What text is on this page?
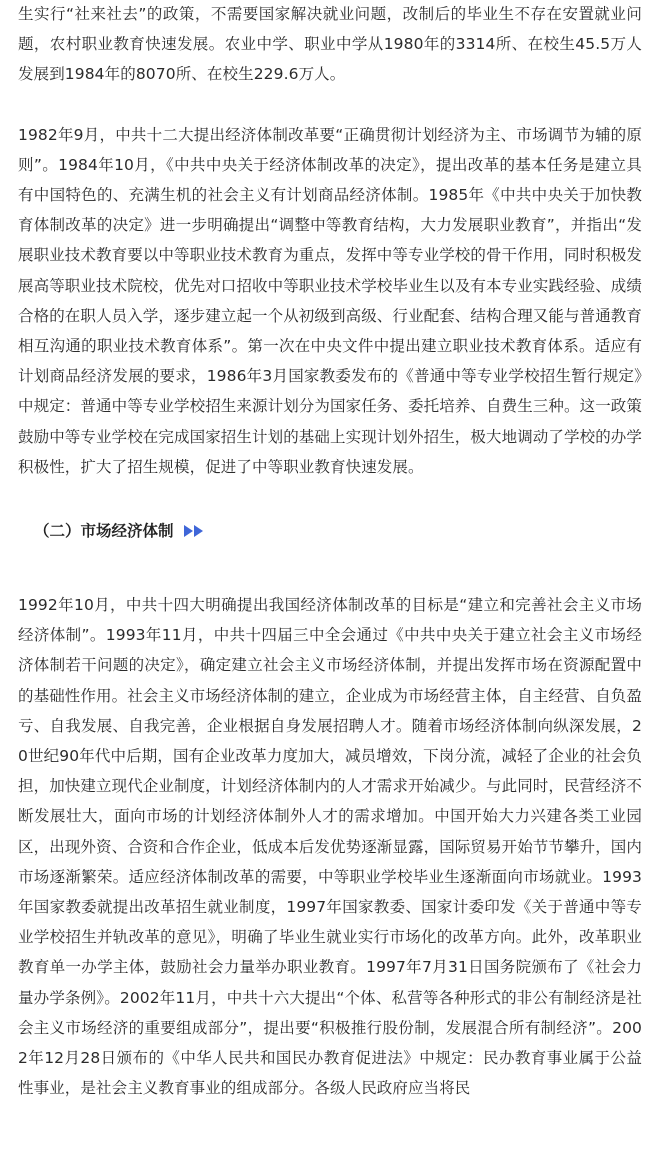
生实行“社来社去”的政策，不需要国家解决就业问题，改制后的毕业生不存在安置就业问题，农村职业教育快速发展。农业中学、职业中学从1980年的3314所、在校生45.5万人发展到1984年的8070所、在校生229.6万人。

1982年9月，中共十二大提出经济体制改革要“正确贯彻计划经济为主、市场调节为辅的原则”。1984年10月，《中共中央关于经济体制改革的决定》，提出改革的基本任务是建立具有中国特色的、充满生机的社会主义有计划商品经济体制。1985年《中共中央关于加快教育体制改革的决定》进一步明确提出“调整中等教育结构，大力发展职业教育”，并指出“发展职业技术教育要以中等职业技术教育为重点，发挥中等专业学校的骨干作用，同时积极发展高等职业技术院校，优先对口招收中等职业技术学校毕业生以及有本专业实践经验、成绩合格的在职人员入学，逐步建立起一个从初级到高级、行业配套、结构合理又能与普通教育相互沟通的职业技术教育体系”。第一次在中央文件中提出建立职业技术教育体系。适应有计划商品经济发展的要求，1986年3月国家教委发布的《普通中等专业学校招生暂行规定》中规定：普通中等专业学校招生来源计划分为国家任务、委托培养、自费生三种。这一政策鼓励中等专业学校在完成国家招生计划的基础上实现计划外招生，极大地调动了学校的办学积极性，扩大了招生规模，促进了中等职业教育快速发展。

（二）市场经济体制

1992年10月，中共十四大明确提出我国经济体制改革的目标是“建立和完善社会主义市场经济体制”。1993年11月，中共十四届三中全会通过《中共中央关于建立社会主义市场经济体制若干问题的决定》，确定建立社会主义市场经济体制，并提出发挥市场在资源配置中的基础性作用。社会主义市场经济体制的建立，企业成为市场经营主体，自主经营、自负盈亏、自我发展、自我完善，企业根据自身发展招聘人才。随着市场经济体制向纵深发展，20世纪90年代中后期，国有企业改革力度加大，减员增效，下岗分流，减轻了企业的社会负担，加快建立现代企业制度，计划经济体制内的人才需求开始减少。与此同时，民营经济不断发展壮大，面向市场的计划经济体制外人才的需求增加。中国开始大力兴建各类工业园区，出现外资、合资和合作企业，低成本后发优势逐渐显露，国际贸易开始节节攀升，国内市场逐渐繁荣。适应经济体制改革的需要，中等职业学校毕业生逐渐面向市场就业。1993年国家教委就提出改革招生就业制度，1997年国家教委、国家计委印发《关于普通中等专业学校招生并轨改革的意见》，明确了毕业生就业实行市场化的改革方向。此外，改革职业教育单一办学主体，鼓励社会力量举办职业教育。1997年7月31日国务院颁布了《社会力量办学条例》。2002年11月，中共十六大提出“个体、私营等各种形式的非公有制经济是社会主义市场经济的重要组成部分”，提出要“积极推行股份制，发展混合所有制经济”。2002年12月28日颁布的《中华人民共和国民办教育促进法》中规定：民办教育事业属于公益性事业，是社会主义教育事业的组成部分。各级人民政府应当将民
